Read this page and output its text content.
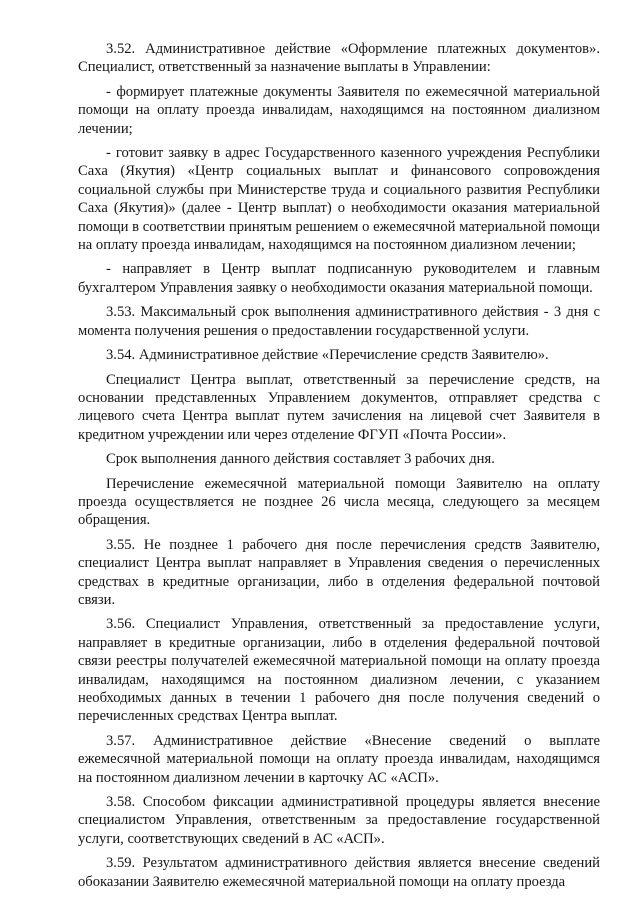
3.52. Административное действие «Оформление платежных документов». Специалист, ответственный за назначение выплаты в Управлении:

- формирует платежные документы Заявителя по ежемесячной материальной помощи на оплату проезда инвалидам, находящимся на постоянном диализном лечении;

- готовит заявку в адрес Государственного казенного учреждения Республики Саха (Якутия) «Центр социальных выплат и финансового сопровождения социальной службы при Министерстве труда и социального развития Республики Саха (Якутия)» (далее - Центр выплат) о необходимости оказания материальной помощи в соответствии принятым решением о ежемесячной материальной помощи на оплату проезда инвалидам, находящимся на постоянном диализном лечении;

- направляет в Центр выплат подписанную руководителем и главным бухгалтером Управления заявку о необходимости оказания материальной помощи.

3.53. Максимальный срок выполнения административного действия - 3 дня с момента получения решения о предоставлении государственной услуги.

3.54. Административное действие «Перечисление средств Заявителю».

Специалист Центра выплат, ответственный за перечисление средств, на основании представленных Управлением документов, отправляет средства с лицевого счета Центра выплат путем зачисления на лицевой счет Заявителя в кредитном учреждении или через отделение ФГУП «Почта России».

Срок выполнения данного действия составляет 3 рабочих дня.

Перечисление ежемесячной материальной помощи Заявителю на оплату проезда осуществляется не позднее 26 числа месяца, следующего за месяцем обращения.

3.55. Не позднее 1 рабочего дня после перечисления средств Заявителю, специалист Центра выплат направляет в Управления сведения о перечисленных средствах в кредитные организации, либо в отделения федеральной почтовой связи.

3.56. Специалист Управления, ответственный за предоставление услуги, направляет в кредитные организации, либо в отделения федеральной почтовой связи реестры получателей ежемесячной материальной помощи на оплату проезда инвалидам, находящимся на постоянном диализном лечении, с указанием необходимых данных в течении 1 рабочего дня после получения сведений о перечисленных средствах Центра выплат.

3.57. Административное действие «Внесение сведений о выплате ежемесячной материальной помощи на оплату проезда инвалидам, находящимся на постоянном диализном лечении в карточку АС «АСП».

3.58. Способом фиксации административной процедуры является внесение специалистом Управления, ответственным за предоставление государственной услуги, соответствующих сведений в АС «АСП».

3.59. Результатом административного действия является внесение сведений обоказании Заявителю ежемесячной материальной помощи на оплату проезда
